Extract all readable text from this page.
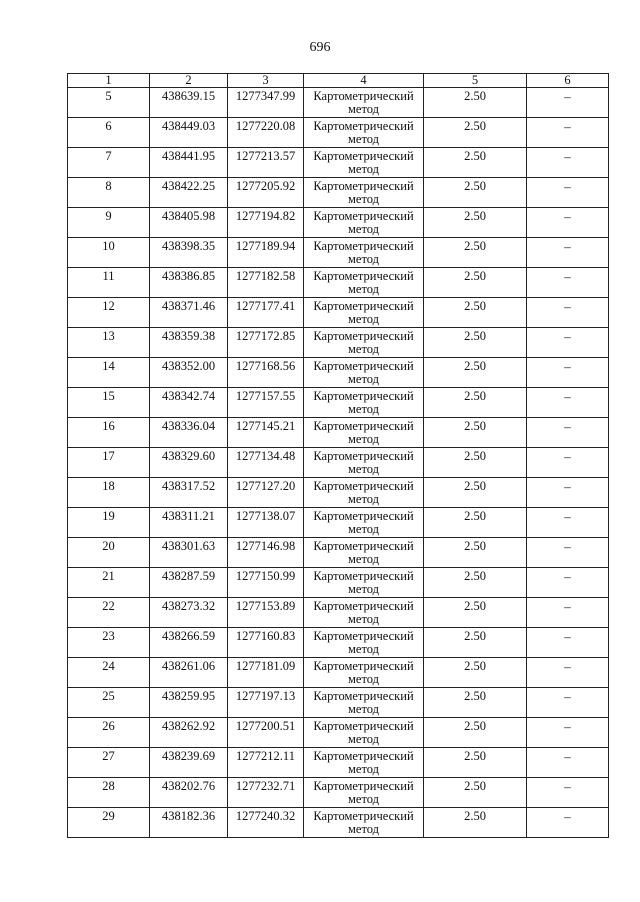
696
1	2	3	4	5	6

5	438639.15	1277347.99	Картометрический метод	2.50	–

6	438449.03	1277220.08	Картометрический метод	2.50	–

7	438441.95	1277213.57	Картометрический метод	2.50	–

8	438422.25	1277205.92	Картометрический метод	2.50	–

9	438405.98	1277194.82	Картометрический метод	2.50	–

10	438398.35	1277189.94	Картометрический метод	2.50	–

11	438386.85	1277182.58	Картометрический метод	2.50	–

12	438371.46	1277177.41	Картометрический метод	2.50	–

13	438359.38	1277172.85	Картометрический метод	2.50	–

14	438352.00	1277168.56	Картометрический метод	2.50	–

15	438342.74	1277157.55	Картометрический метод	2.50	–

16	438336.04	1277145.21	Картометрический метод	2.50	–

17	438329.60	1277134.48	Картометрический метод	2.50	–

18	438317.52	1277127.20	Картометрический метод	2.50	–

19	438311.21	1277138.07	Картометрический метод	2.50	–

20	438301.63	1277146.98	Картометрический метод	2.50	–

21	438287.59	1277150.99	Картометрический метод	2.50	–

22	438273.32	1277153.89	Картометрический метод	2.50	–

23	438266.59	1277160.83	Картометрический метод	2.50	–

24	438261.06	1277181.09	Картометрический метод	2.50	–

25	438259.95	1277197.13	Картометрический метод	2.50	–

26	438262.92	1277200.51	Картометрический метод	2.50	–

27	438239.69	1277212.11	Картометрический метод	2.50	–

28	438202.76	1277232.71	Картометрический метод	2.50	–

29	438182.36	1277240.32	Картометрический метод	2.50	–
